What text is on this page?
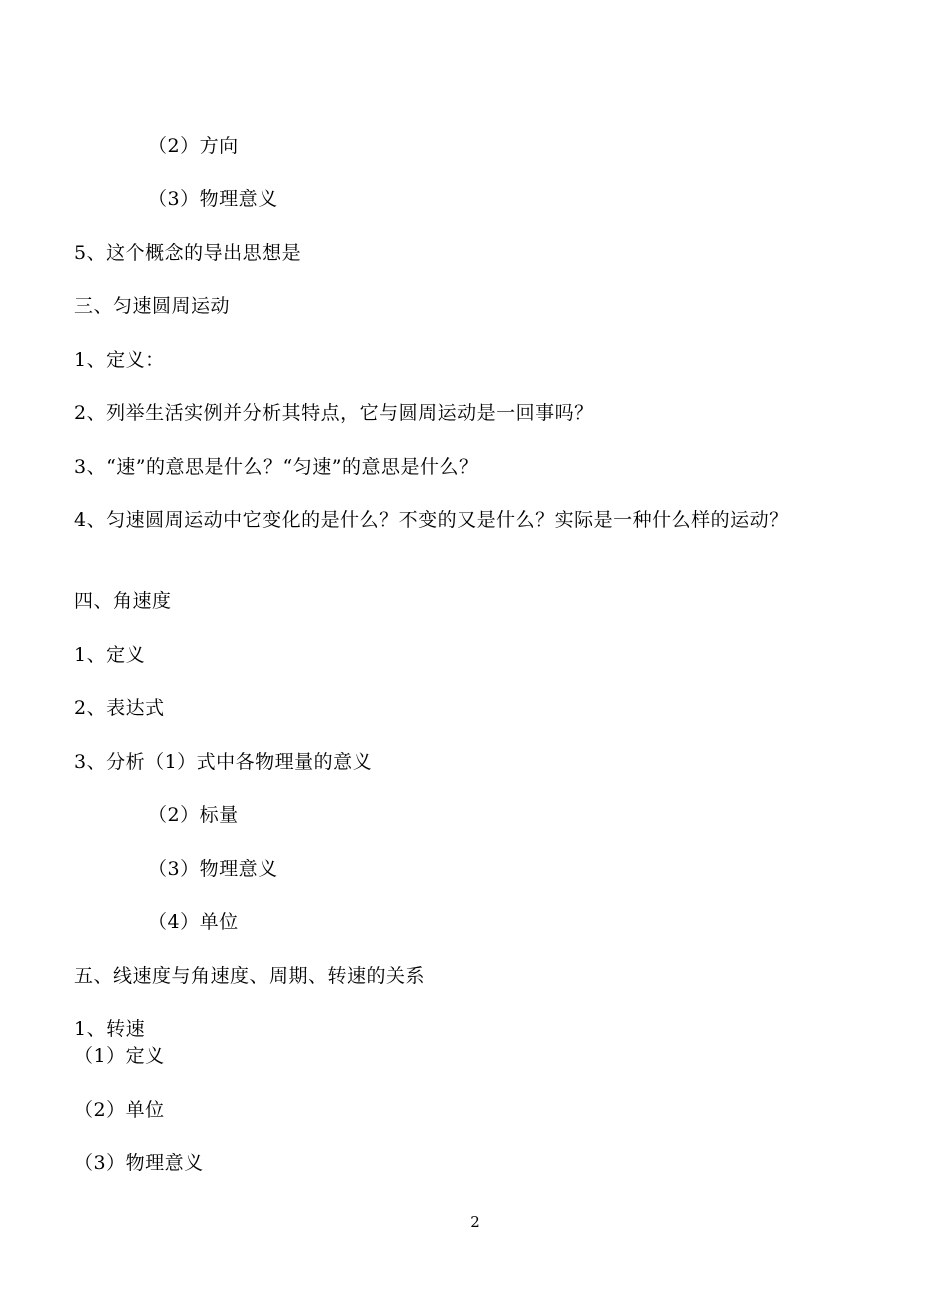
（2）方向
（3）物理意义
5、这个概念的导出思想是
三、匀速圆周运动
1、定义：
2、列举生活实例并分析其特点，它与圆周运动是一回事吗？
3、“速”的意思是什么？“匀速”的意思是什么？
4、匀速圆周运动中它变化的是什么？不变的又是什么？实际是一种什么样的运动？
四、角速度
1、定义
2、表达式
3、分析（1）式中各物理量的意义
（2）标量
（3）物理意义
（4）单位
五、线速度与角速度、周期、转速的关系
1、转速
（1）定义
（2）单位
（3）物理意义
2
